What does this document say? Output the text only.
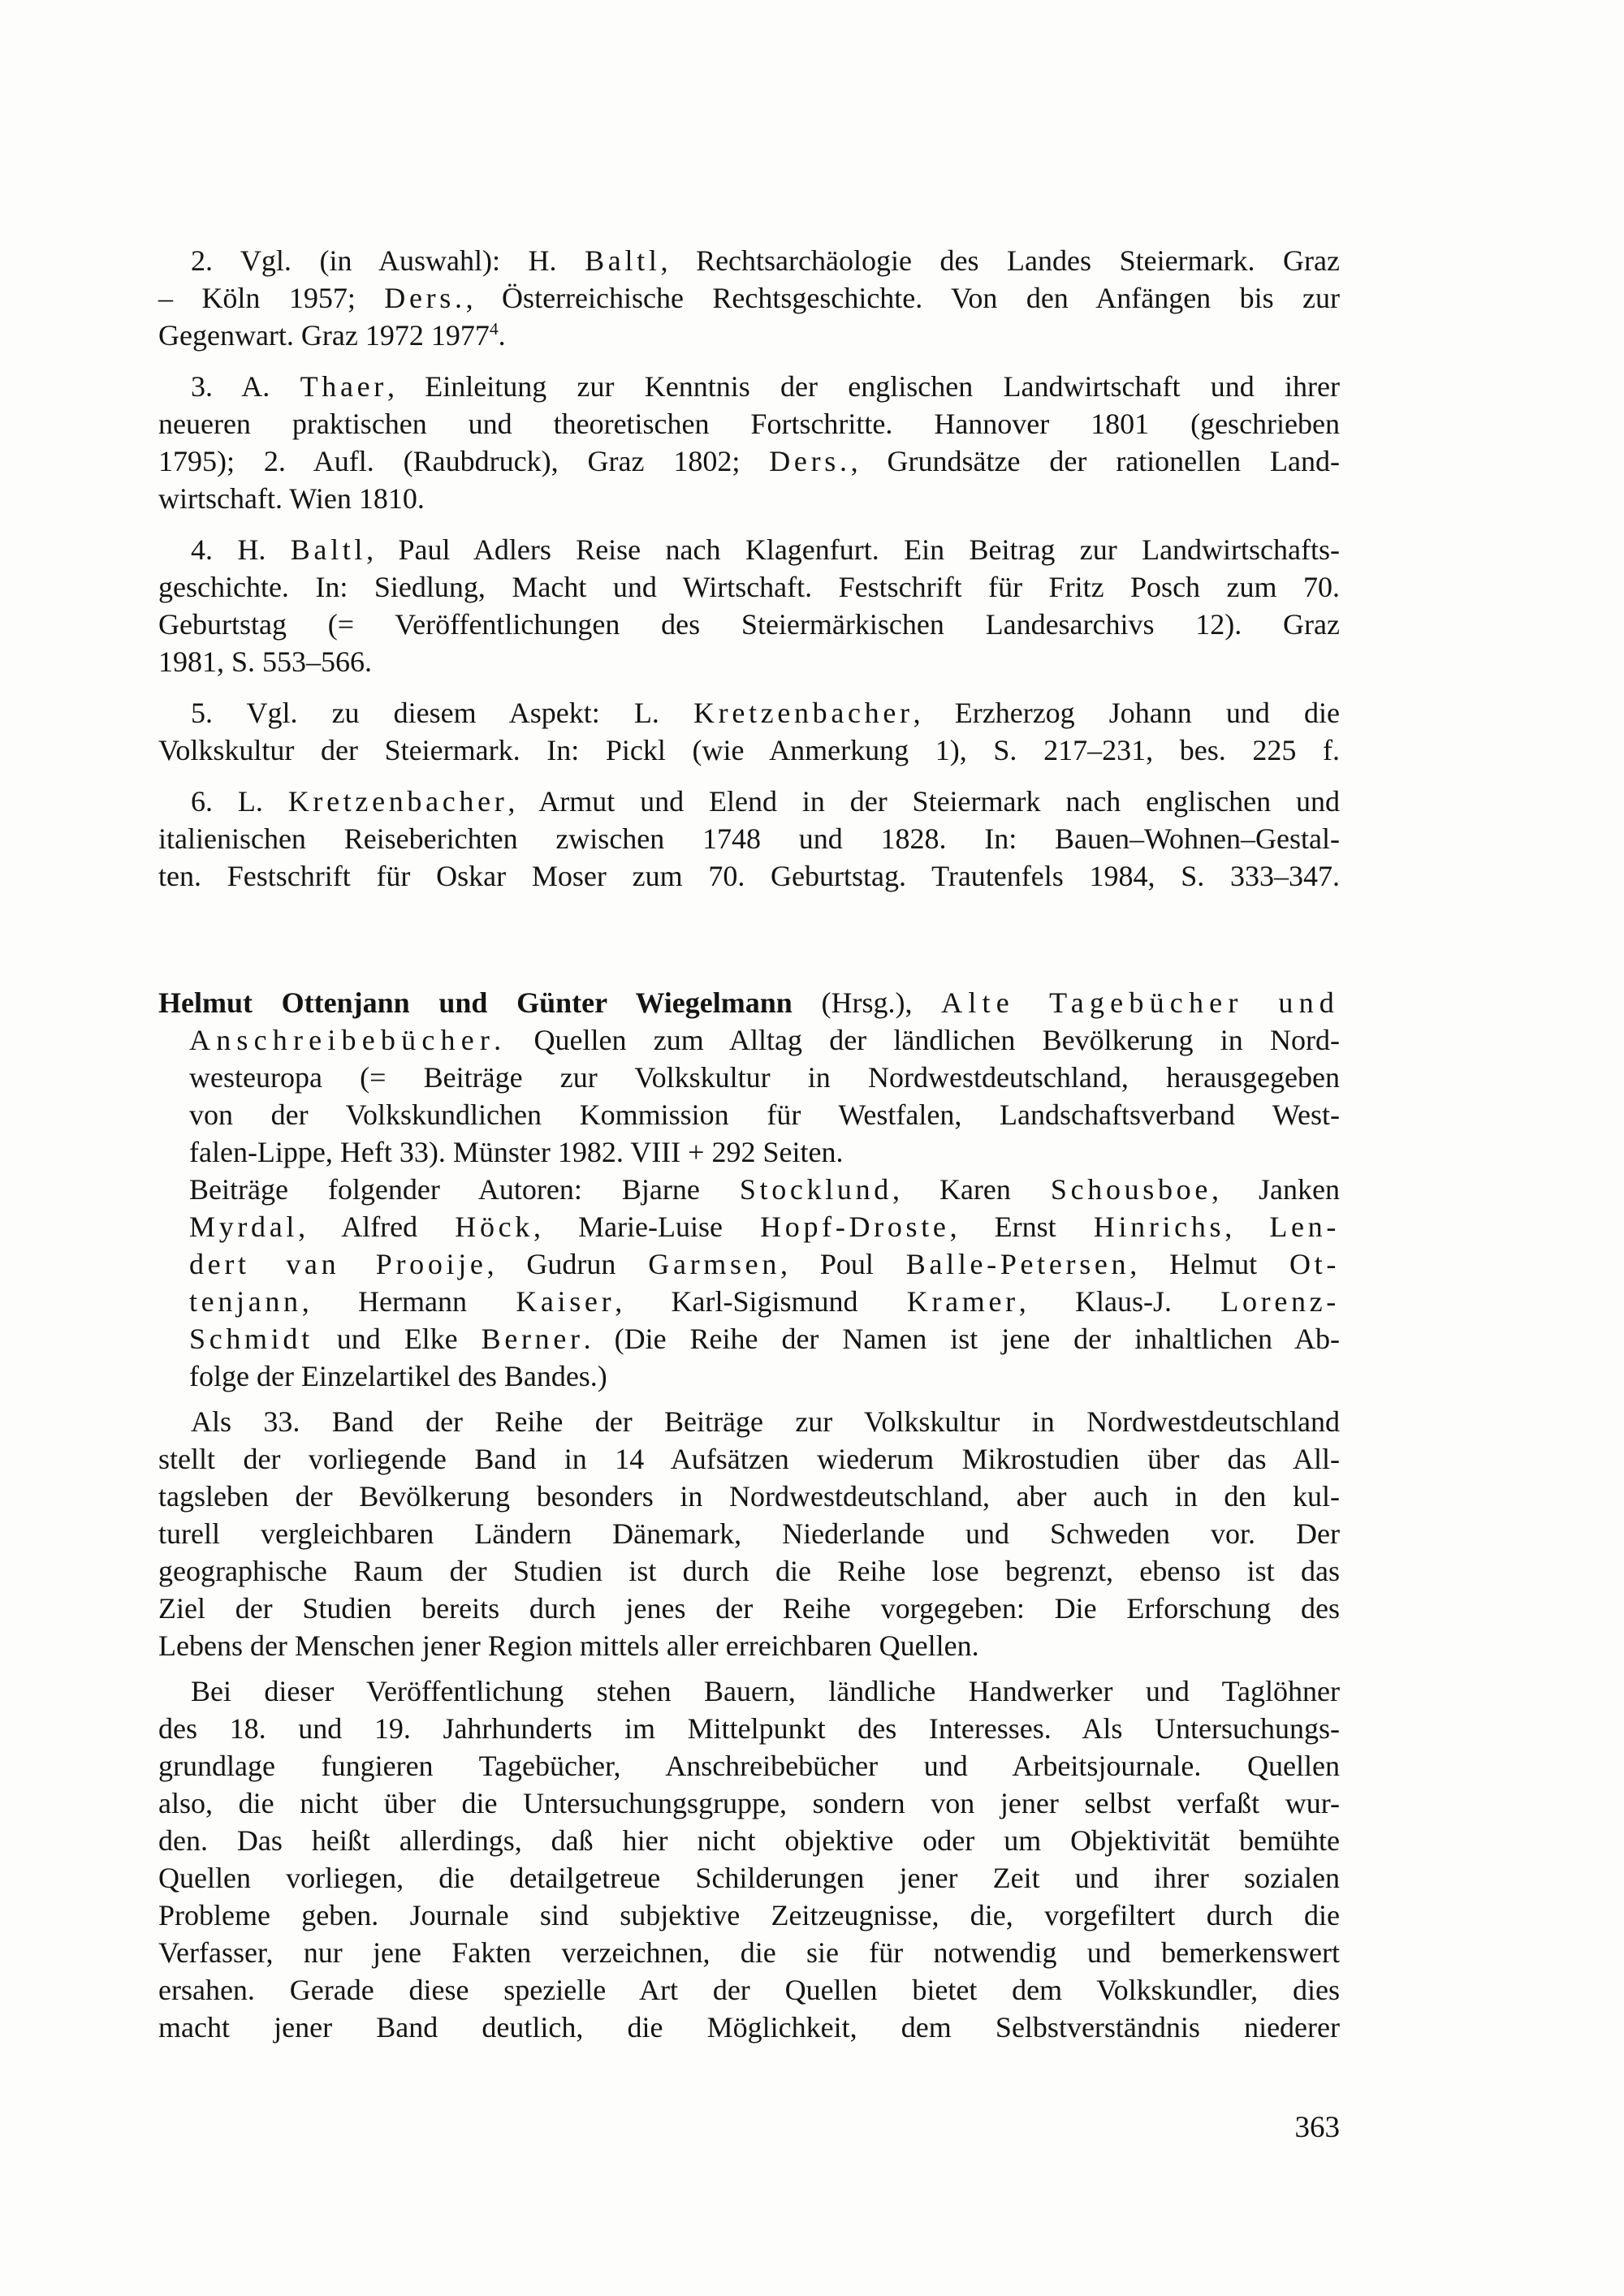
2. Vgl. (in Auswahl): H. Baltl, Rechtsarchäologie des Landes Steiermark. Graz
– Köln 1957; Ders., Österreichische Rechtsgeschichte. Von den Anfängen bis zur
Gegenwart. Graz 1972 1977$^4$.
3. A. Thaer, Einleitung zur Kenntnis der englischen Landwirtschaft und ihrer
neueren praktischen und theoretischen Fortschritte. Hannover 1801 (geschrieben
1795); 2. Aufl. (Raubdruck), Graz 1802; Ders., Grundsätze der rationellen Land-
wirtschaft. Wien 1810.
4. H. Baltl, Paul Adlers Reise nach Klagenfurt. Ein Beitrag zur Landwirtschafts-
geschichte. In: Siedlung, Macht und Wirtschaft. Festschrift für Fritz Posch zum 70.
Geburtstag (= Veröffentlichungen des Steiermärkischen Landesarchivs 12). Graz
1981, S. 553–566.
5. Vgl. zu diesem Aspekt: L. Kretzenbacher, Erzherzog Johann und die
Volkskultur der Steiermark. In: Pickl (wie Anmerkung 1), S. 217–231, bes. 225 f.
6. L. Kretzenbacher, Armut und Elend in der Steiermark nach englischen und
italienischen Reiseberichten zwischen 1748 und 1828. In: Bauen–Wohnen–Gestal-
ten. Festschrift für Oskar Moser zum 70. Geburtstag. Trautenfels 1984, S. 333–347.
Helmut Ottenjann und Günter Wiegelmann (Hrsg.), Alte Tagebücher und
Anschreibebücher. Quellen zum Alltag der ländlichen Bevölkerung in Nord-
westeuropa (= Beiträge zur Volkskultur in Nordwestdeutschland, herausgegeben
von der Volkskundlichen Kommission für Westfalen, Landschaftsverband West-
falen-Lippe, Heft 33). Münster 1982. VIII + 292 Seiten.
Beiträge folgender Autoren: Bjarne Stocklund, Karen Schousboe, Janken
Myrdal, Alfred Höck, Marie-Luise Hopf-Droste, Ernst Hinrichs, Len-
dert van Prooije, Gudrun Garmsen, Poul Balle-Petersen, Helmut Ot-
tenjann, Hermann Kaiser, Karl-Sigismund Kramer, Klaus-J. Lorenz-
Schmidt und Elke Berner. (Die Reihe der Namen ist jene der inhaltlichen Ab-
folge der Einzelartikel des Bandes.)
Als 33. Band der Reihe der Beiträge zur Volkskultur in Nordwestdeutschland
stellt der vorliegende Band in 14 Aufsätzen wiederum Mikrostudien über das All-
tagsleben der Bevölkerung besonders in Nordwestdeutschland, aber auch in den kul-
turell vergleichbaren Ländern Dänemark, Niederlande und Schweden vor. Der
geographische Raum der Studien ist durch die Reihe lose begrenzt, ebenso ist das
Ziel der Studien bereits durch jenes der Reihe vorgegeben: Die Erforschung des
Lebens der Menschen jener Region mittels aller erreichbaren Quellen.
Bei dieser Veröffentlichung stehen Bauern, ländliche Handwerker und Taglöhner
des 18. und 19. Jahrhunderts im Mittelpunkt des Interesses. Als Untersuchungs-
grundlage fungieren Tagebücher, Anschreibebücher und Arbeitsjournale. Quellen
also, die nicht über die Untersuchungsgruppe, sondern von jener selbst verfaßt wur-
den. Das heißt allerdings, daß hier nicht objektive oder um Objektivität bemühte
Quellen vorliegen, die detailgetreue Schilderungen jener Zeit und ihrer sozialen
Probleme geben. Journale sind subjektive Zeitzeugnisse, die, vorgefiltert durch die
Verfasser, nur jene Fakten verzeichnen, die sie für notwendig und bemerkenswert
ersahen. Gerade diese spezielle Art der Quellen bietet dem Volkskundler, dies
macht jener Band deutlich, die Möglichkeit, dem Selbstverständnis niederer
363
